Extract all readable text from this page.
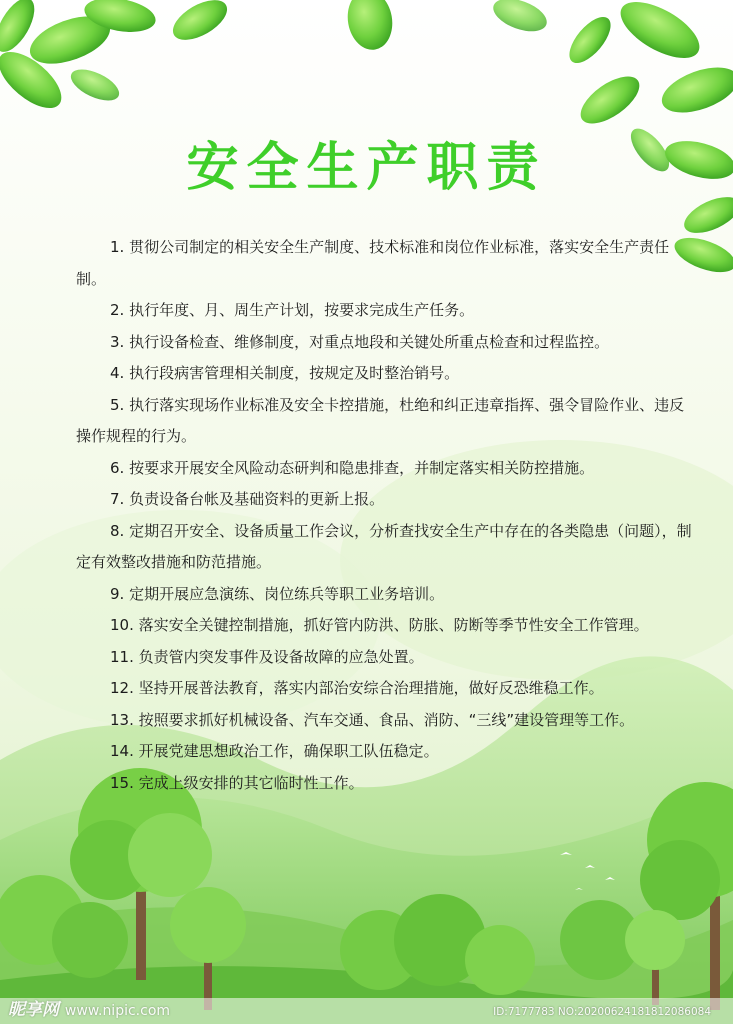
安全生产职责

1. 贯彻公司制定的相关安全生产制度、技术标准和岗位作业标准，落实安全生产责任制。

2. 执行年度、月、周生产计划，按要求完成生产任务。

3. 执行设备检查、维修制度，对重点地段和关键处所重点检查和过程监控。

4. 执行段病害管理相关制度，按规定及时整治销号。

5. 执行落实现场作业标准及安全卡控措施，杜绝和纠正违章指挥、强令冒险作业、违反操作规程的行为。

6. 按要求开展安全风险动态研判和隐患排查，并制定落实相关防控措施。

7. 负责设备台帐及基础资料的更新上报。

8. 定期召开安全、设备质量工作会议，分析查找安全生产中存在的各类隐患（问题），制定有效整改措施和防范措施。

9. 定期开展应急演练、岗位练兵等职工业务培训。

10. 落实安全关键控制措施，抓好管内防洪、防胀、防断等季节性安全工作管理。

11. 负责管内突发事件及设备故障的应急处置。

12. 坚持开展普法教育，落实内部治安综合治理措施，做好反恐维稳工作。

13. 按照要求抓好机械设备、汽车交通、食品、消防、“三线”建设管理等工作。

14. 开展党建思想政治工作，确保职工队伍稳定。

15. 完成上级安排的其它临时性工作。

昵享网 www.nipic.com	ID:7177783 NO:20200624181812086084
